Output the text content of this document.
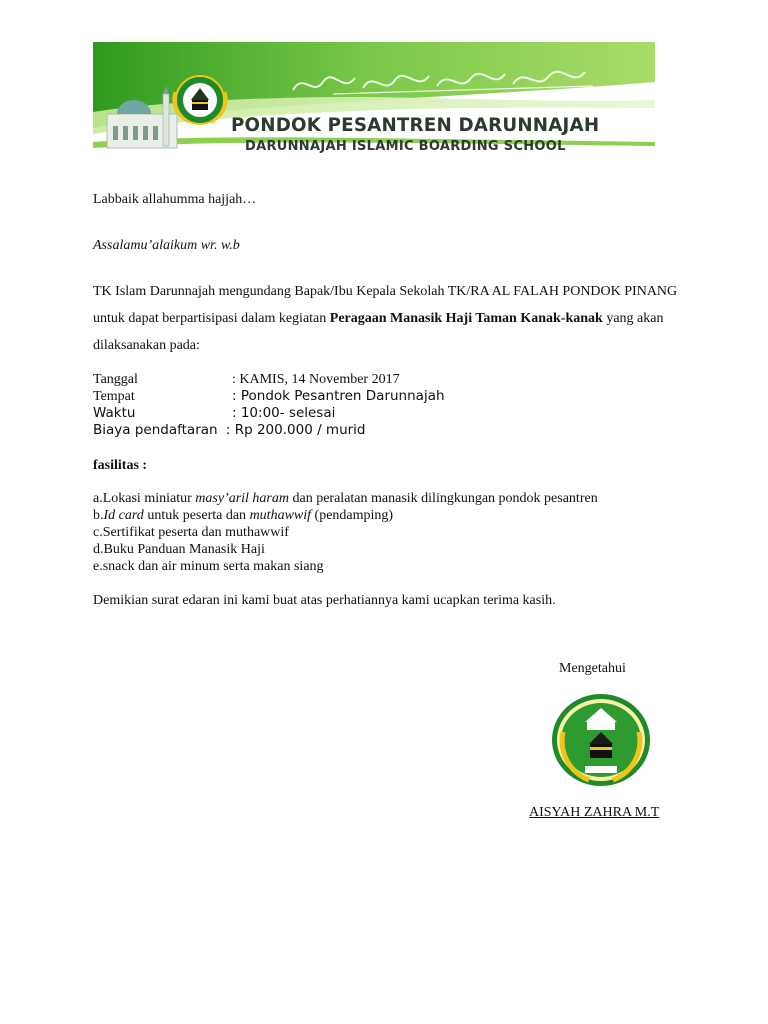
PONDOK PESANTREN DARUNNAJAH
DARUNNAJAH ISLAMIC BOARDING SCHOOL
Labbaik allahumma hajjah…
Assalamu’alaikum wr. w.b
TK Islam Darunnajah mengundang Bapak/Ibu Kepala Sekolah TK/RA AL FALAH PONDOK PINANG untuk dapat berpartisipasi dalam kegiatan Peragaan Manasik Haji Taman Kanak-kanak yang akan dilaksanakan pada:
Tanggal	: KAMIS, 14 November 2017
Tempat	: Pondok Pesantren Darunnajah
Waktu	: 10:00- selesai
Biaya pendaftaran : Rp 200.000 / murid
fasilitas :
a.Lokasi miniatur masy’aril haram dan peralatan manasik dilingkungan pondok pesantren
b.Id card untuk peserta dan muthawwif (pendamping)
c.Sertifikat peserta dan muthawwif
d.Buku Panduan Manasik Haji
e.snack dan air minum serta makan siang
Demikian surat edaran ini kami buat atas perhatiannya kami ucapkan terima kasih.
Mengetahui
AISYAH ZAHRA M.T
